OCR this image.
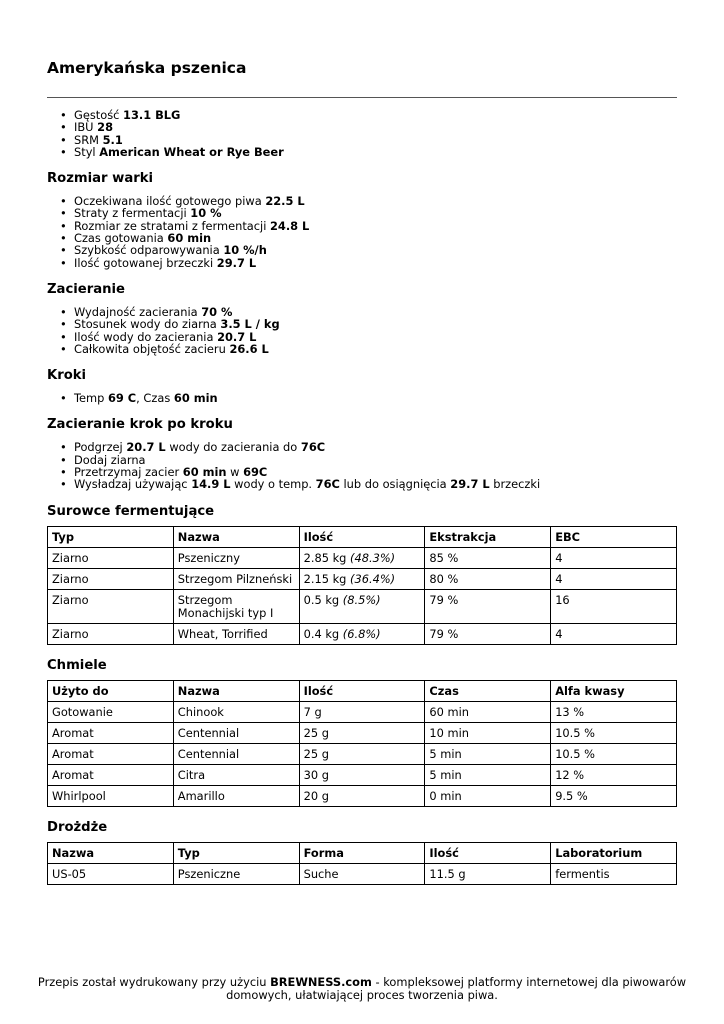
Amerykańska pszenica
• Gęstość 13.1 BLG
• IBU 28
• SRM 5.1
• Styl American Wheat or Rye Beer
Rozmiar warki
• Oczekiwana ilość gotowego piwa 22.5 L
• Straty z fermentacji 10 %
• Rozmiar ze stratami z fermentacji 24.8 L
• Czas gotowania 60 min
• Szybkość odparowywania 10 %/h
• Ilość gotowanej brzeczki 29.7 L
Zacieranie
• Wydajność zacierania 70 %
• Stosunek wody do ziarna 3.5 L / kg
• Ilość wody do zacierania 20.7 L
• Całkowita objętość zacieru 26.6 L
Kroki
• Temp 69 C, Czas 60 min
Zacieranie krok po kroku
• Podgrzej 20.7 L wody do zacierania do 76C
• Dodaj ziarna
• Przetrzymaj zacier 60 min w 69C
• Wysładzaj używając 14.9 L wody o temp. 76C lub do osiągnięcia 29.7 L brzeczki
Surowce fermentujące
Typ	Nazwa	Ilość	Ekstrakcja	EBC
Ziarno	Pszeniczny	2.85 kg (48.3%)	85 %	4
Ziarno	Strzegom Pilzneński	2.15 kg (36.4%)	80 %	4
Ziarno	Strzegom Monachijski typ I	0.5 kg (8.5%)	79 %	16
Ziarno	Wheat, Torrified	0.4 kg (6.8%)	79 %	4
Chmiele
Użyto do	Nazwa	Ilość	Czas	Alfa kwasy
Gotowanie	Chinook	7 g	60 min	13 %
Aromat	Centennial	25 g	10 min	10.5 %
Aromat	Centennial	25 g	5 min	10.5 %
Aromat	Citra	30 g	5 min	12 %
Whirlpool	Amarillo	20 g	0 min	9.5 %
Drożdże
Nazwa	Typ	Forma	Ilość	Laboratorium
US-05	Pszeniczne	Suche	11.5 g	fermentis
Przepis został wydrukowany przy użyciu BREWNESS.com - kompleksowej platformy internetowej dla piwowarów domowych, ułatwiającej proces tworzenia piwa.
